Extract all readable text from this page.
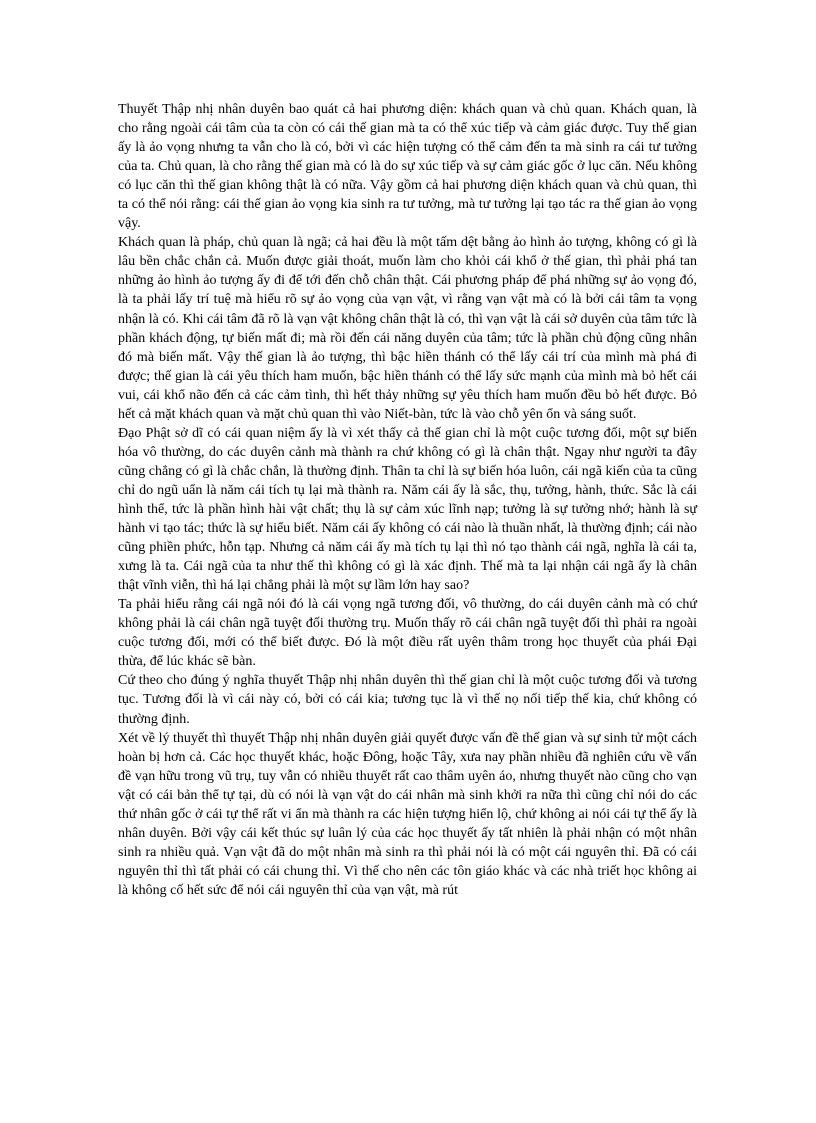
Thuyết Thập nhị nhân duyên bao quát cả hai phương diện: khách quan và chủ quan. Khách quan, là cho rằng ngoài cái tâm của ta còn có cái thế gian mà ta có thể xúc tiếp và cảm giác được. Tuy thế gian ấy là ảo vọng nhưng ta vẫn cho là có, bởi vì các hiện tượng có thể cảm đến ta mà sinh ra cái tư tưởng của ta. Chủ quan, là cho rằng thế gian mà có là do sự xúc tiếp và sự cảm giác gốc ở lục căn. Nếu không có lục căn thì thế gian không thật là có nữa. Vậy gồm cả hai phương diện khách quan và chủ quan, thì ta có thể nói rằng: cái thế gian ảo vọng kia sinh ra tư tưởng, mà tư tưởng lại tạo tác ra thế gian ảo vọng vậy.

Khách quan là pháp, chủ quan là ngã; cả hai đều là một tấm dệt bằng ảo hình ảo tượng, không có gì là lâu bền chắc chắn cả. Muốn được giải thoát, muốn làm cho khỏi cái khổ ở thế gian, thì phải phá tan những ảo hình ảo tượng ấy đi để tới đến chỗ chân thật. Cái phương pháp để phá những sự ảo vọng đó, là ta phải lấy trí tuệ mà hiểu rõ sự ảo vọng của vạn vật, vì rằng vạn vật mà có là bởi cái tâm ta vọng nhận là có. Khi cái tâm đã rõ là vạn vật không chân thật là có, thì vạn vật là cái sở duyên của tâm tức là phần khách động, tự biến mất đi; mà rồi đến cái năng duyên của tâm; tức là phần chủ động cũng nhân đó mà biến mất. Vậy thế gian là ảo tượng, thì bậc hiền thánh có thể lấy cái trí của mình mà phá đi được; thế gian là cái yêu thích ham muốn, bậc hiền thánh có thể lấy sức mạnh của mình mà bỏ hết cái vui, cái khổ não đến cả các cảm tình, thì hết thảy những sự yêu thích ham muốn đều bỏ hết được. Bỏ hết cả mặt khách quan và mặt chủ quan thì vào Niết-bàn, tức là vào chỗ yên ổn và sáng suốt.

Đạo Phật sở dĩ có cái quan niệm ấy là vì xét thấy cả thế gian chỉ là một cuộc tương đối, một sự biến hóa vô thường, do các duyên cảnh mà thành ra chứ không có gì là chân thật. Ngay như người ta đây cũng chẳng có gì là chắc chắn, là thường định. Thân ta chỉ là sự biến hóa luôn, cái ngã kiến của ta cũng chỉ do ngũ uẩn là năm cái tích tụ lại mà thành ra. Năm cái ấy là sắc, thụ, tưởng, hành, thức. Sắc là cái hình thể, tức là phần hình hài vật chất; thụ là sự cảm xúc lĩnh nạp; tưởng là sự tưởng nhớ; hành là sự hành vi tạo tác; thức là sự hiểu biết. Năm cái ấy không có cái nào là thuần nhất, là thường định; cái nào cũng phiền phức, hỗn tạp. Nhưng cả năm cái ấy mà tích tụ lại thì nó tạo thành cái ngã, nghĩa là cái ta, xưng là ta. Cái ngã của ta như thế thì không có gì là xác định. Thế mà ta lại nhận cái ngã ấy là chân thật vĩnh viễn, thì há lại chẳng phải là một sự lầm lớn hay sao?

Ta phải hiểu rằng cái ngã nói đó là cái vọng ngã tương đối, vô thường, do cái duyên cảnh mà có chứ không phải là cái chân ngã tuyệt đối thường trụ. Muốn thấy rõ cái chân ngã tuyệt đối thì phải ra ngoài cuộc tương đối, mới có thể biết được. Đó là một điều rất uyên thâm trong học thuyết của phái Đại thừa, để lúc khác sẽ bàn.

Cứ theo cho đúng ý nghĩa thuyết Thập nhị nhân duyên thì thế gian chỉ là một cuộc tương đối và tương tục. Tương đối là vì cái này có, bởi có cái kia; tương tục là vì thế nọ nối tiếp thế kia, chứ không có thường định.

Xét về lý thuyết thì thuyết Thập nhị nhân duyên giải quyết được vấn đề thế gian và sự sinh tử một cách hoàn bị hơn cả. Các học thuyết khác, hoặc Đông, hoặc Tây, xưa nay phần nhiều đã nghiên cứu về vấn đề vạn hữu trong vũ trụ, tuy vẫn có nhiều thuyết rất cao thâm uyên áo, nhưng thuyết nào cũng cho vạn vật có cái bản thể tự tại, dù có nói là vạn vật do cái nhân mà sinh khởi ra nữa thì cũng chỉ nói do các thứ nhân gốc ở cái tự thể rất vi ẩn mà thành ra các hiện tượng hiển lộ, chứ không ai nói cái tự thể ấy là nhân duyên. Bởi vậy cái kết thúc sự luân lý của các học thuyết ấy tất nhiên là phải nhận có một nhân sinh ra nhiều quả. Vạn vật đã do một nhân mà sinh ra thì phải nói là có một cái nguyên thỉ. Đã có cái nguyên thỉ thì tất phải có cái chung thỉ. Vì thế cho nên các tôn giáo khác và các nhà triết học không ai là không cố hết sức để nói cái nguyên thỉ của vạn vật, mà rút
